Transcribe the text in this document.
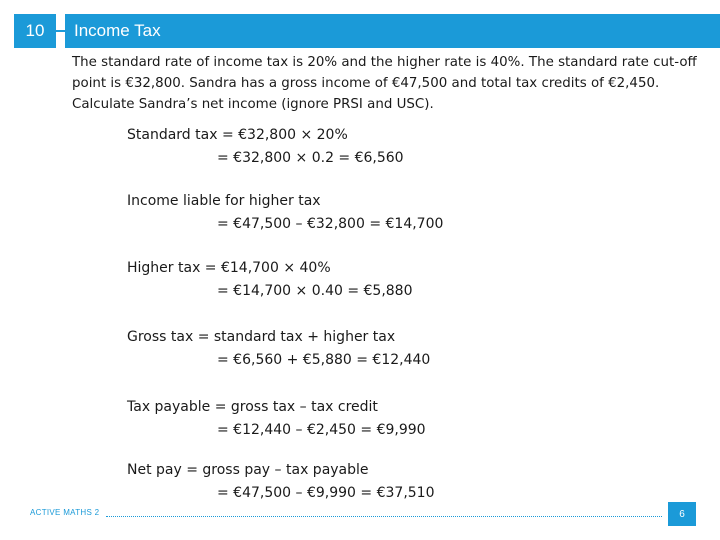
10	Income Tax
The standard rate of income tax is 20% and the higher rate is 40%. The standard rate cut-off point is €32,800. Sandra has a gross income of €47,500 and total tax credits of €2,450. Calculate Sandra’s net income (ignore PRSI and USC).
Standard tax = €32,800 × 20%
= €32,800 × 0.2 = €6,560
Income liable for higher tax
= €47,500 – €32,800 = €14,700
Higher tax = €14,700 × 40%
= €14,700 × 0.40 = €5,880
Gross tax = standard tax + higher tax
= €6,560 + €5,880 = €12,440
Tax payable = gross tax – tax credit
= €12,440 – €2,450 = €9,990
Net pay = gross pay – tax payable
= €47,500 – €9,990 = €37,510
ACTIVE MATHS 2	6
